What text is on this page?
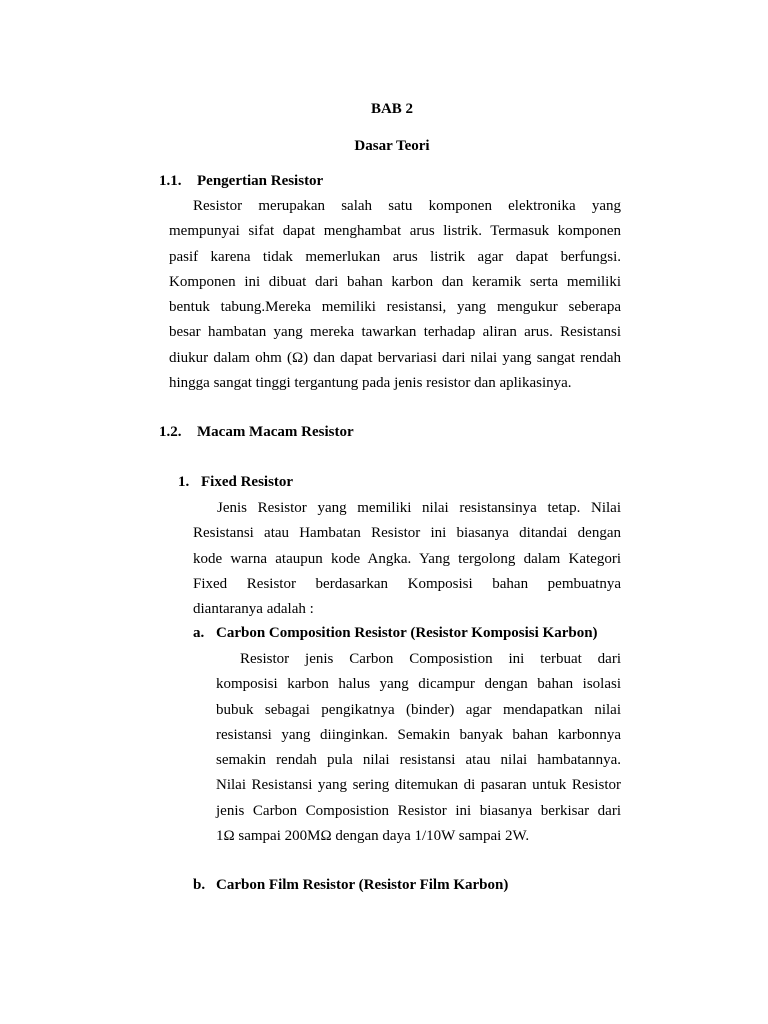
BAB 2
Dasar Teori
1.1. Pengertian Resistor
Resistor merupakan salah satu komponen elektronika yang
mempunyai sifat dapat menghambat arus listrik. Termasuk komponen
pasif karena tidak memerlukan arus listrik agar dapat berfungsi.
Komponen ini dibuat dari bahan karbon dan keramik serta memiliki
bentuk tabung.Mereka memiliki resistansi, yang mengukur seberapa
besar hambatan yang mereka tawarkan terhadap aliran arus. Resistansi
diukur dalam ohm (Ω) dan dapat bervariasi dari nilai yang sangat rendah
hingga sangat tinggi tergantung pada jenis resistor dan aplikasinya.
1.2. Macam Macam Resistor
1. Fixed Resistor
Jenis Resistor yang memiliki nilai resistansinya tetap. Nilai
Resistansi atau Hambatan Resistor ini biasanya ditandai dengan
kode warna ataupun kode Angka. Yang tergolong dalam Kategori
Fixed Resistor berdasarkan Komposisi bahan pembuatnya
diantaranya adalah :
a. Carbon Composition Resistor (Resistor Komposisi Karbon)
Resistor jenis Carbon Composistion ini terbuat dari
komposisi karbon halus yang dicampur dengan bahan isolasi
bubuk sebagai pengikatnya (binder) agar mendapatkan nilai
resistansi yang diinginkan. Semakin banyak bahan karbonnya
semakin rendah pula nilai resistansi atau nilai hambatannya.
Nilai Resistansi yang sering ditemukan di pasaran untuk Resistor
jenis Carbon Composistion Resistor ini biasanya berkisar dari
1Ω sampai 200MΩ dengan daya 1/10W sampai 2W.
b. Carbon Film Resistor (Resistor Film Karbon)
